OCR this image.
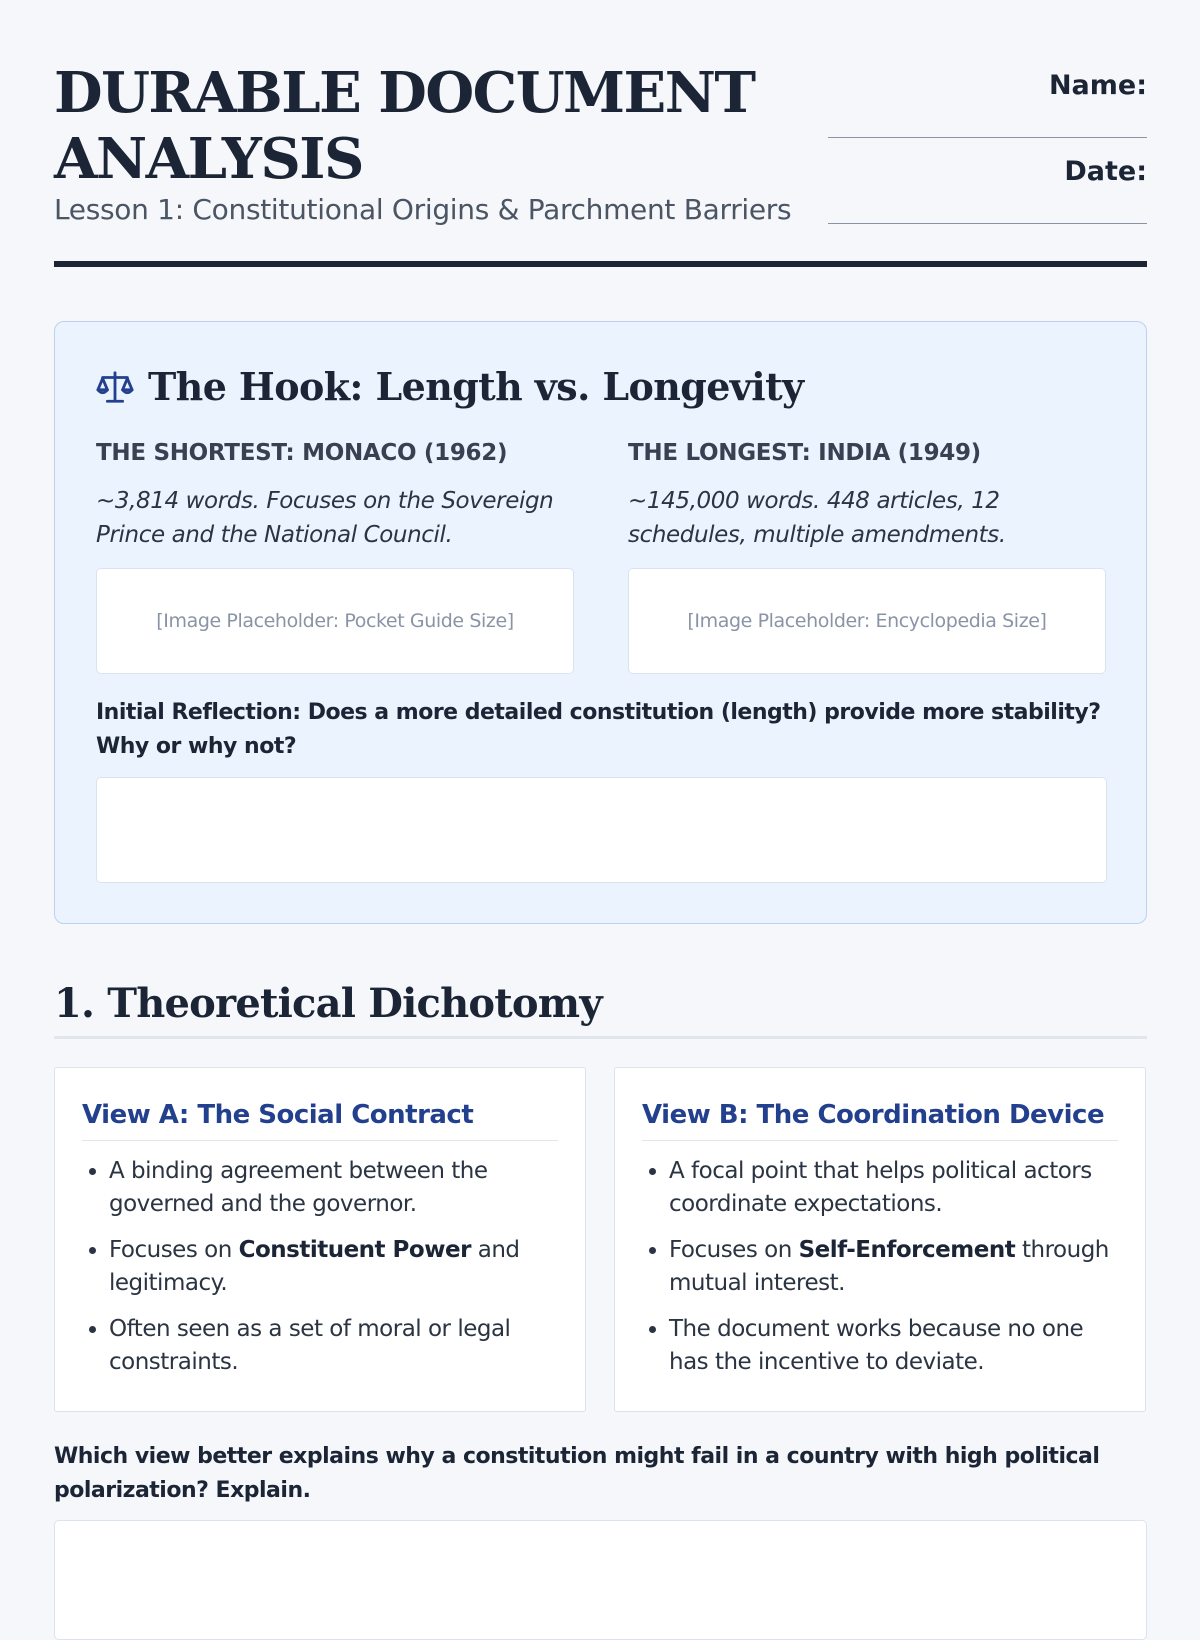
DURABLE DOCUMENT ANALYSIS
Lesson 1: Constitutional Origins & Parchment Barriers
Name:
Date:
The Hook: Length vs. Longevity
THE SHORTEST: MONACO (1962)
~3,814 words. Focuses on the Sovereign Prince and the National Council.
[Image Placeholder: Pocket Guide Size]
THE LONGEST: INDIA (1949)
~145,000 words. 448 articles, 12 schedules, multiple amendments.
[Image Placeholder: Encyclopedia Size]
Initial Reflection: Does a more detailed constitution (length) provide more stability? Why or why not?
1. Theoretical Dichotomy
View A: The Social Contract
• A binding agreement between the governed and the governor.
• Focuses on Constituent Power and legitimacy.
• Often seen as a set of moral or legal constraints.
View B: The Coordination Device
• A focal point that helps political actors coordinate expectations.
• Focuses on Self-Enforcement through mutual interest.
• The document works because no one has the incentive to deviate.
Which view better explains why a constitution might fail in a country with high political polarization? Explain.
